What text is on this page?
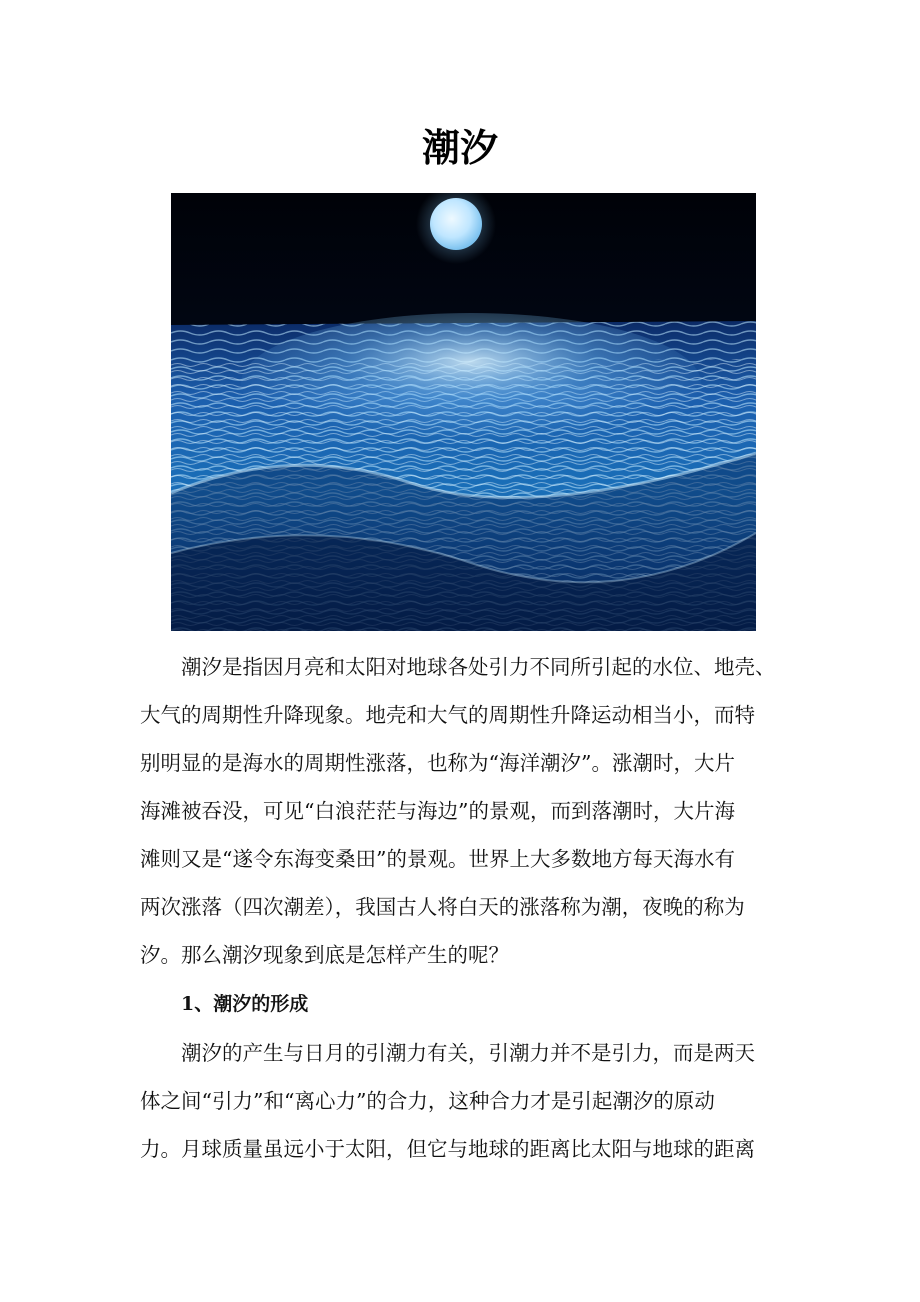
潮汐
潮汐是指因月亮和太阳对地球各处引力不同所引起的水位、地壳、
大气的周期性升降现象。地壳和大气的周期性升降运动相当小，而特
别明显的是海水的周期性涨落，也称为“海洋潮汐”。涨潮时，大片
海滩被吞没，可见“白浪茫茫与海边”的景观，而到落潮时，大片海
滩则又是“遂令东海变桑田”的景观。世界上大多数地方每天海水有
两次涨落（四次潮差），我国古人将白天的涨落称为潮，夜晚的称为
汐。那么潮汐现象到底是怎样产生的呢？
1、潮汐的形成
潮汐的产生与日月的引潮力有关，引潮力并不是引力，而是两天
体之间“引力”和“离心力”的合力，这种合力才是引起潮汐的原动
力。月球质量虽远小于太阳，但它与地球的距离比太阳与地球的距离
